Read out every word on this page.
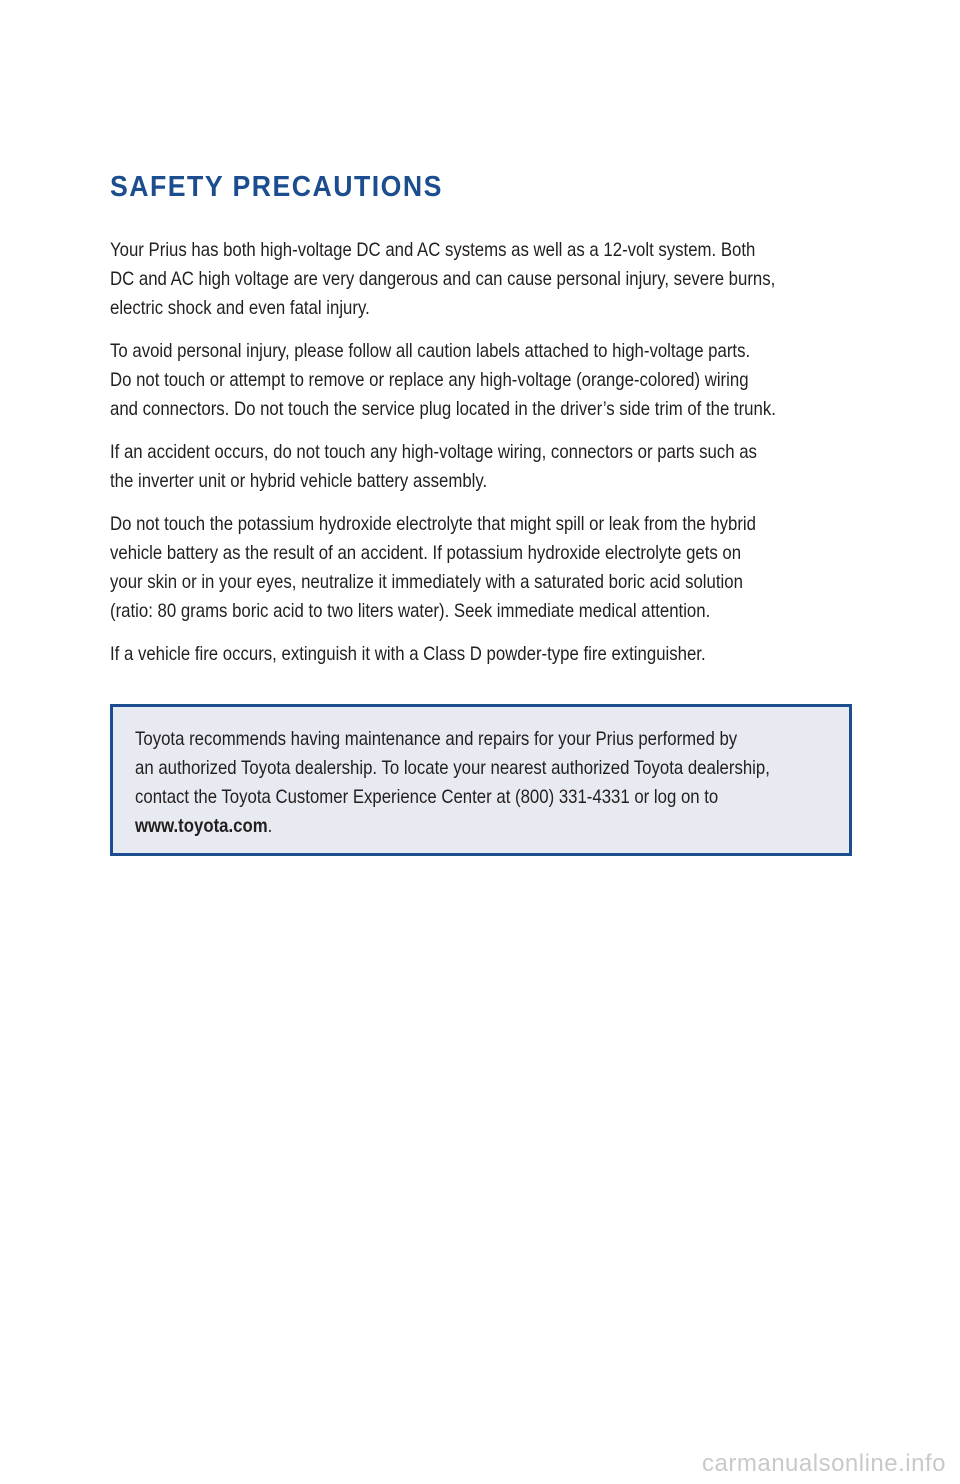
SAFETY PRECAUTIONS

Your Prius has both high-voltage DC and AC systems as well as a 12-volt system. Both
DC and AC high voltage are very dangerous and can cause personal injury, severe burns,
electric shock and even fatal injury.

To avoid personal injury, please follow all caution labels attached to high-voltage parts.
Do not touch or attempt to remove or replace any high-voltage (orange-colored) wiring
and connectors. Do not touch the service plug located in the driver’s side trim of the trunk.

If an accident occurs, do not touch any high-voltage wiring, connectors or parts such as
the inverter unit or hybrid vehicle battery assembly.

Do not touch the potassium hydroxide electrolyte that might spill or leak from the hybrid
vehicle battery as the result of an accident. If potassium hydroxide electrolyte gets on
your skin or in your eyes, neutralize it immediately with a saturated boric acid solution
(ratio: 80 grams boric acid to two liters water). Seek immediate medical attention.

If a vehicle fire occurs, extinguish it with a Class D powder-type fire extinguisher.

Toyota recommends having maintenance and repairs for your Prius performed by
an authorized Toyota dealership. To locate your nearest authorized Toyota dealership,
contact the Toyota Customer Experience Center at (800) 331-4331 or log on to
www.toyota.com.
carmanualsonline.info
